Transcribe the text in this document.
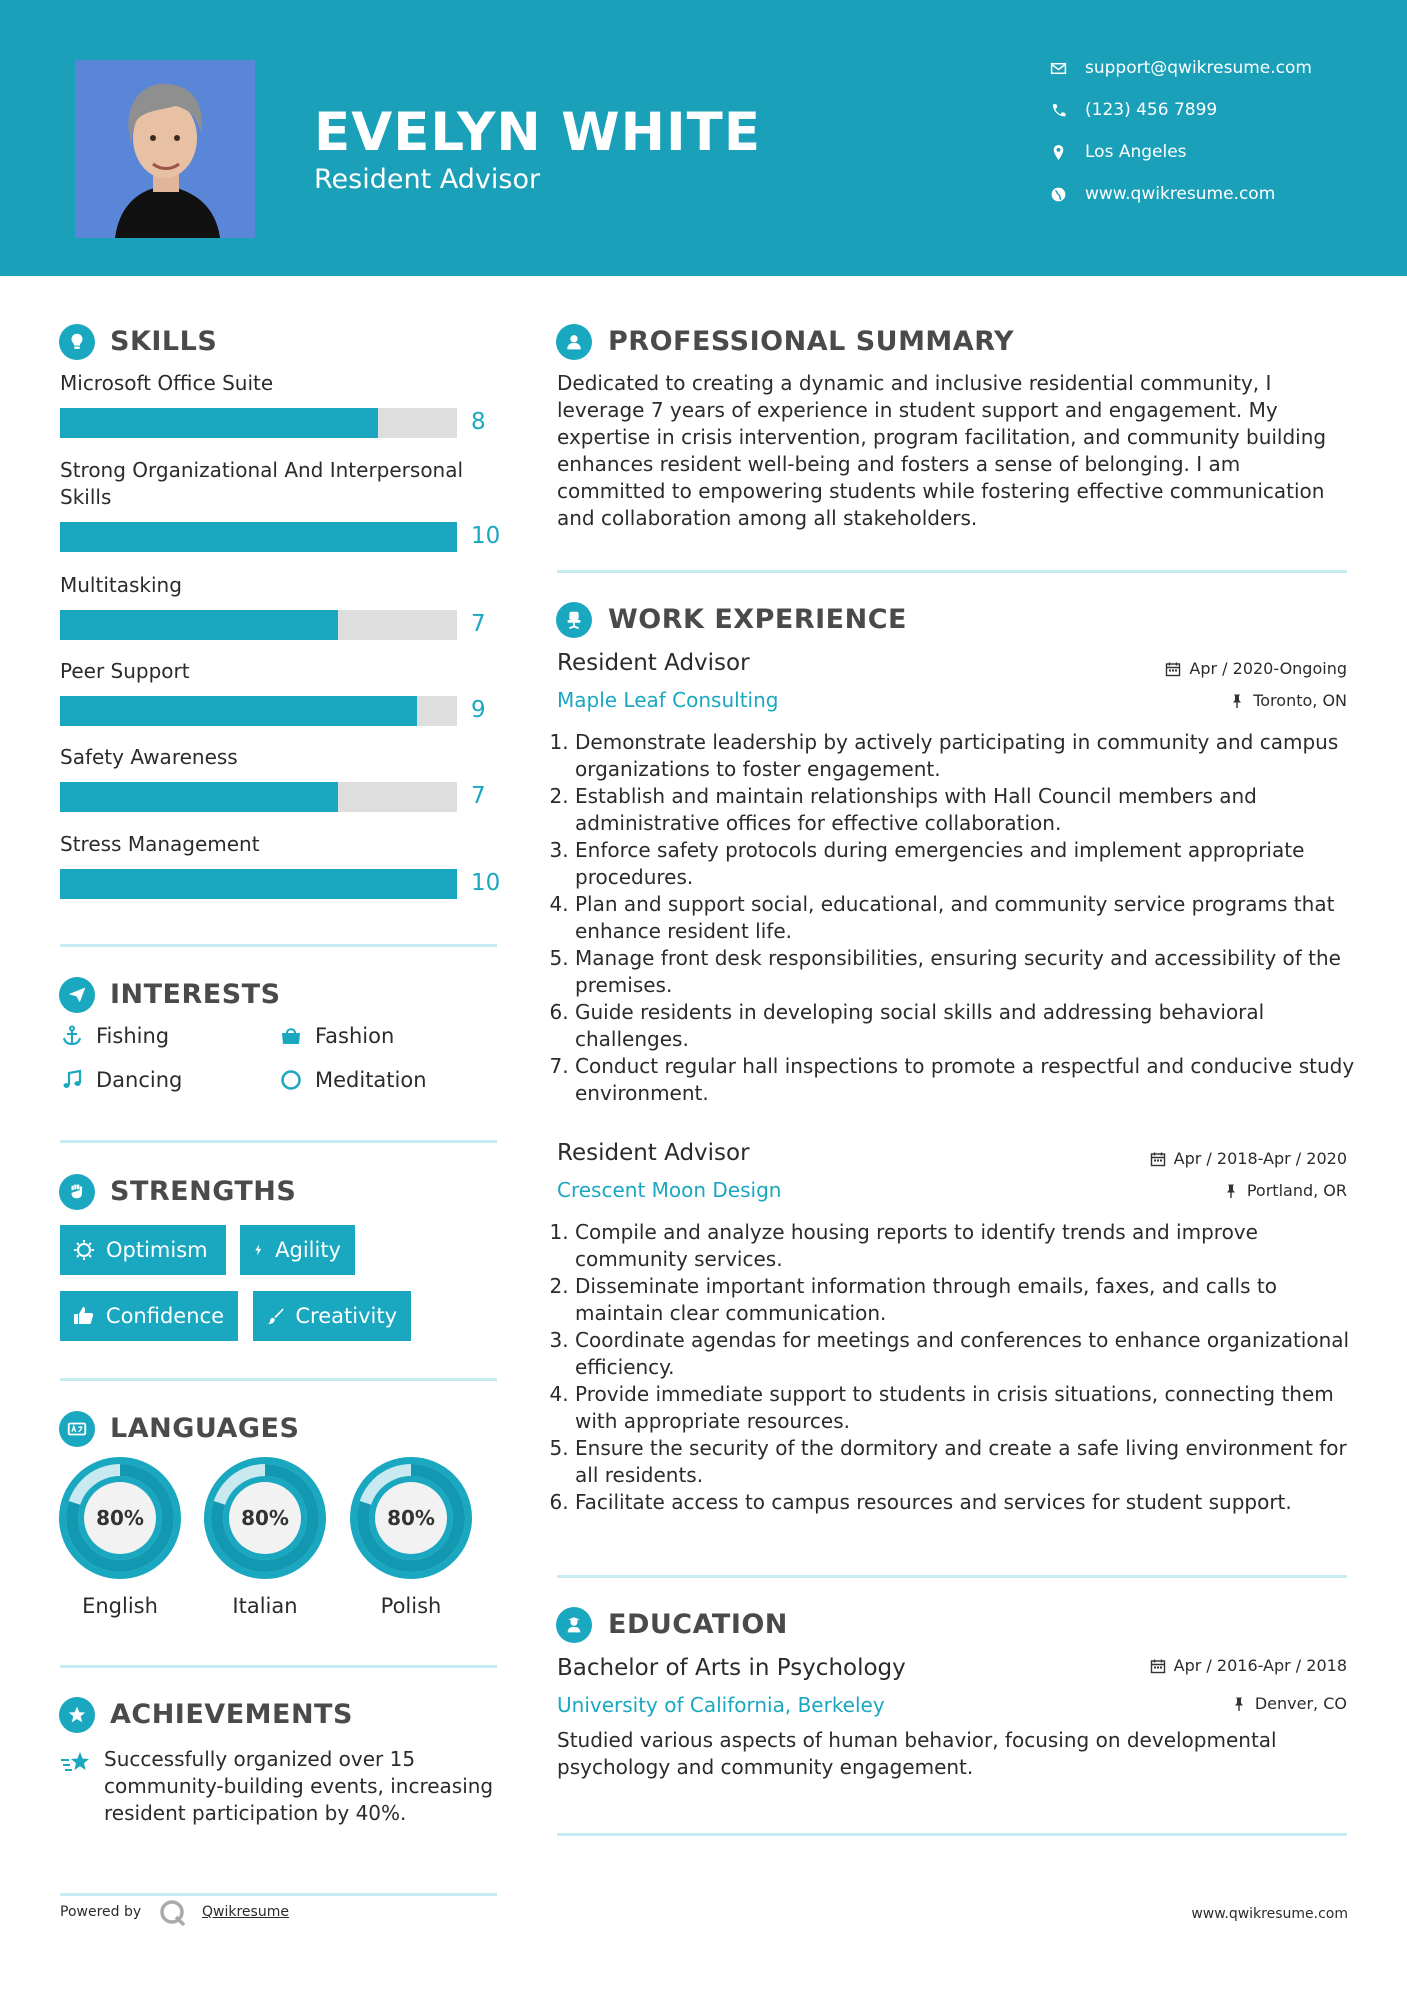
EVELYN WHITE
Resident Advisor
support@qwikresume.com
(123) 456 7899
Los Angeles
www.qwikresume.com
SKILLS
Microsoft Office Suite
8
Strong Organizational And Interpersonal Skills
10
Multitasking
7
Peer Support
9
Safety Awareness
7
Stress Management
10
INTERESTS
Fishing	Fashion
Dancing	Meditation
STRENGTHS
Optimism	Agility
Confidence	Creativity
LANGUAGES
80%
English
80%
Italian
80%
Polish
ACHIEVEMENTS
Successfully organized over 15 community-building events, increasing resident participation by 40%.
Powered by	Qwikresume	www.qwikresume.com
PROFESSIONAL SUMMARY
Dedicated to creating a dynamic and inclusive residential community, I leverage 7 years of experience in student support and engagement. My expertise in crisis intervention, program facilitation, and community building enhances resident well-being and fosters a sense of belonging. I am committed to empowering students while fostering effective communication and collaboration among all stakeholders.
WORK EXPERIENCE
Resident Advisor	Apr / 2020-Ongoing
Maple Leaf Consulting	Toronto, ON
1. Demonstrate leadership by actively participating in community and campus organizations to foster engagement.
2. Establish and maintain relationships with Hall Council members and administrative offices for effective collaboration.
3. Enforce safety protocols during emergencies and implement appropriate procedures.
4. Plan and support social, educational, and community service programs that enhance resident life.
5. Manage front desk responsibilities, ensuring security and accessibility of the premises.
6. Guide residents in developing social skills and addressing behavioral challenges.
7. Conduct regular hall inspections to promote a respectful and conducive study environment.
Resident Advisor	Apr / 2018-Apr / 2020
Crescent Moon Design	Portland, OR
1. Compile and analyze housing reports to identify trends and improve community services.
2. Disseminate important information through emails, faxes, and calls to maintain clear communication.
3. Coordinate agendas for meetings and conferences to enhance organizational efficiency.
4. Provide immediate support to students in crisis situations, connecting them with appropriate resources.
5. Ensure the security of the dormitory and create a safe living environment for all residents.
6. Facilitate access to campus resources and services for student support.
EDUCATION
Bachelor of Arts in Psychology	Apr / 2016-Apr / 2018
University of California, Berkeley	Denver, CO
Studied various aspects of human behavior, focusing on developmental psychology and community engagement.
